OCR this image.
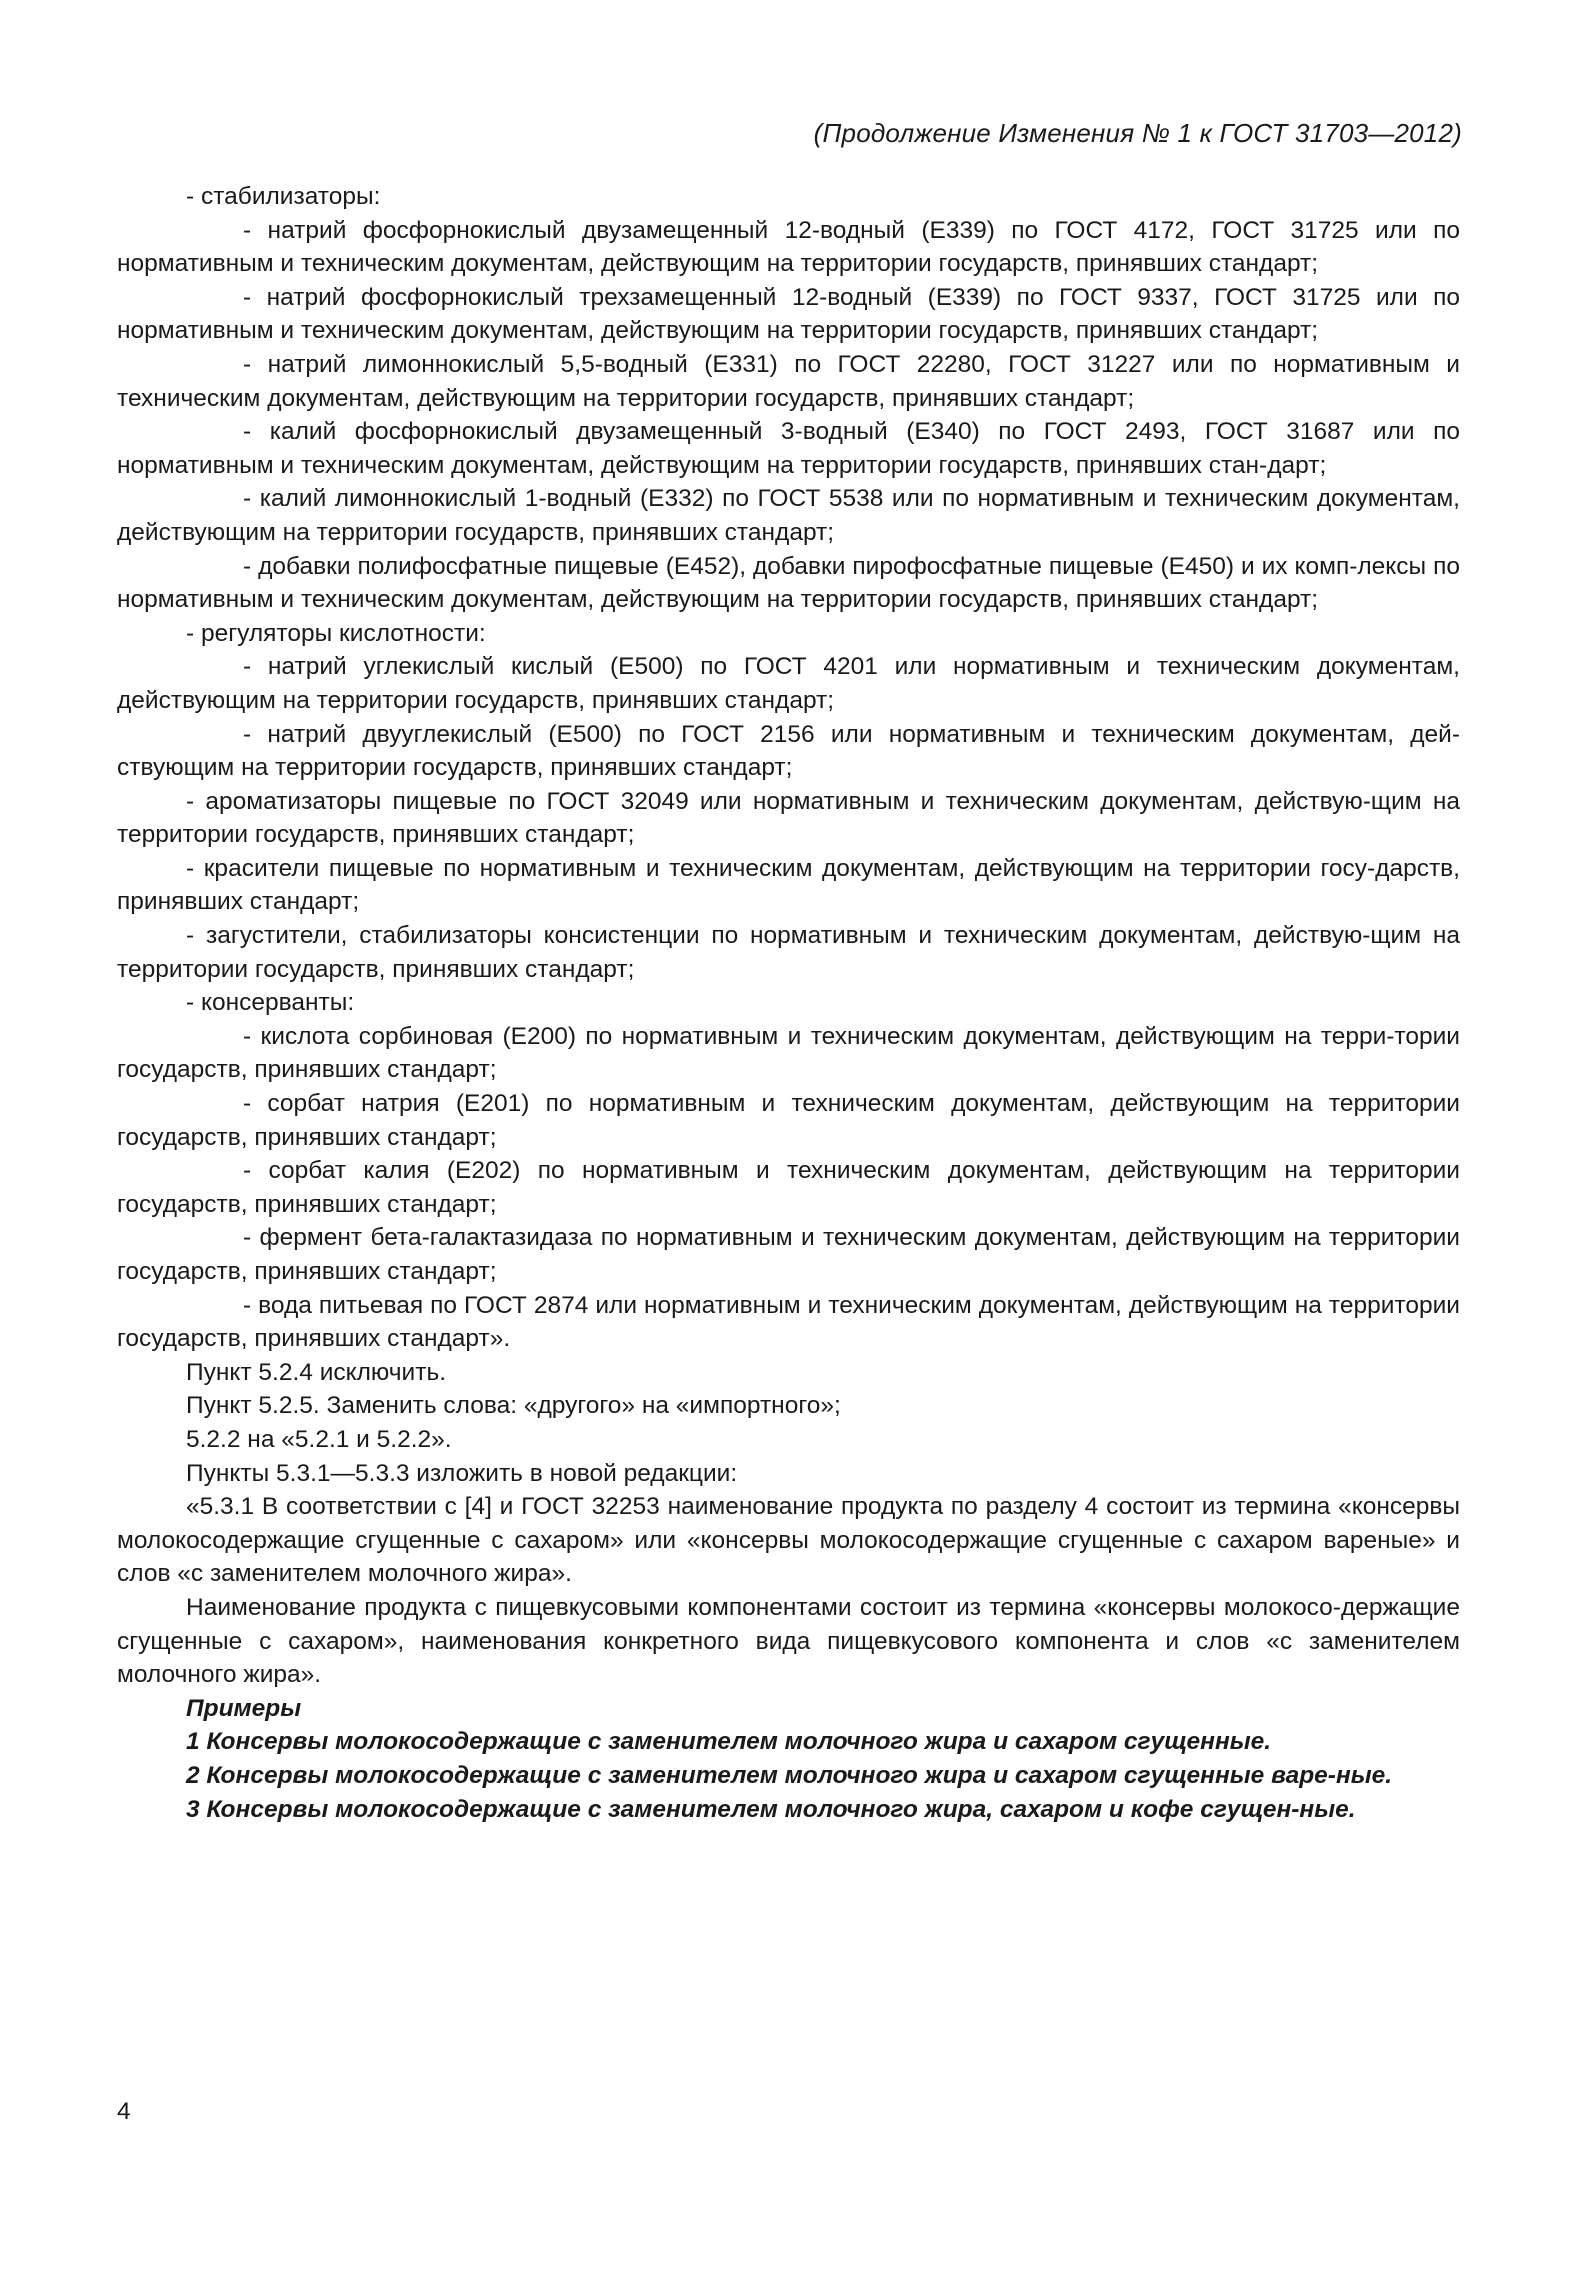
(Продолжение Изменения № 1 к ГОСТ 31703—2012)

- стабилизаторы:

- натрий фосфорнокислый двузамещенный 12-водный (Е339) по ГОСТ 4172, ГОСТ 31725 или по нормативным и техническим документам, действующим на территории государств, принявших стандарт;

- натрий фосфорнокислый трехзамещенный 12-водный (Е339) по ГОСТ 9337, ГОСТ 31725 или по нормативным и техническим документам, действующим на территории государств, принявших стандарт;

- натрий лимоннокислый 5,5-водный (Е331) по ГОСТ 22280, ГОСТ 31227 или по нормативным и техническим документам, действующим на территории государств, принявших стандарт;

- калий фосфорнокислый двузамещенный 3-водный (Е340) по ГОСТ 2493, ГОСТ 31687 или по нормативным и техническим документам, действующим на территории государств, принявших стан-дарт;

- калий лимоннокислый 1-водный (Е332) по ГОСТ 5538 или по нормативным и техническим документам, действующим на территории государств, принявших стандарт;

- добавки полифосфатные пищевые (Е452), добавки пирофосфатные пищевые (Е450) и их комп-лексы по нормативным и техническим документам, действующим на территории государств, принявших стандарт;

- регуляторы кислотности:

- натрий углекислый кислый (Е500) по ГОСТ 4201 или нормативным и техническим документам, действующим на территории государств, принявших стандарт;

- натрий двууглекислый (Е500) по ГОСТ 2156 или нормативным и техническим документам, дей-ствующим на территории государств, принявших стандарт;

- ароматизаторы пищевые по ГОСТ 32049 или нормативным и техническим документам, действую-щим на территории государств, принявших стандарт;

- красители пищевые по нормативным и техническим документам, действующим на территории госу-дарств, принявших стандарт;

- загустители, стабилизаторы консистенции по нормативным и техническим документам, действую-щим на территории государств, принявших стандарт;

- консерванты:

- кислота сорбиновая (Е200) по нормативным и техническим документам, действующим на терри-тории государств, принявших стандарт;

- сорбат натрия (Е201) по нормативным и техническим документам, действующим на территории государств, принявших стандарт;

- сорбат калия (Е202) по нормативным и техническим документам, действующим на территории государств, принявших стандарт;

- фермент бета-галактазидаза по нормативным и техническим документам, действующим на территории государств, принявших стандарт;

- вода питьевая по ГОСТ 2874 или нормативным и техническим документам, действующим на территории государств, принявших стандарт».

Пункт 5.2.4 исключить.

Пункт 5.2.5. Заменить слова: «другого» на «импортного»;

5.2.2 на «5.2.1 и 5.2.2».

Пункты 5.3.1—5.3.3 изложить в новой редакции:

«5.3.1 В соответствии с [4] и ГОСТ 32253 наименование продукта по разделу 4 состоит из термина «консервы молокосодержащие сгущенные с сахаром» или «консервы молокосодержащие сгущенные с сахаром вареные» и слов «с заменителем молочного жира».

Наименование продукта с пищевкусовыми компонентами состоит из термина «консервы молокосо-держащие сгущенные с сахаром», наименования конкретного вида пищевкусового компонента и слов «с заменителем молочного жира».

Примеры

1 Консервы молокосодержащие с заменителем молочного жира и сахаром сгущенные.

2 Консервы молокосодержащие с заменителем молочного жира и сахаром сгущенные варе-ные.

3 Консервы молокосодержащие с заменителем молочного жира, сахаром и кофе сгущен-ные.

4
